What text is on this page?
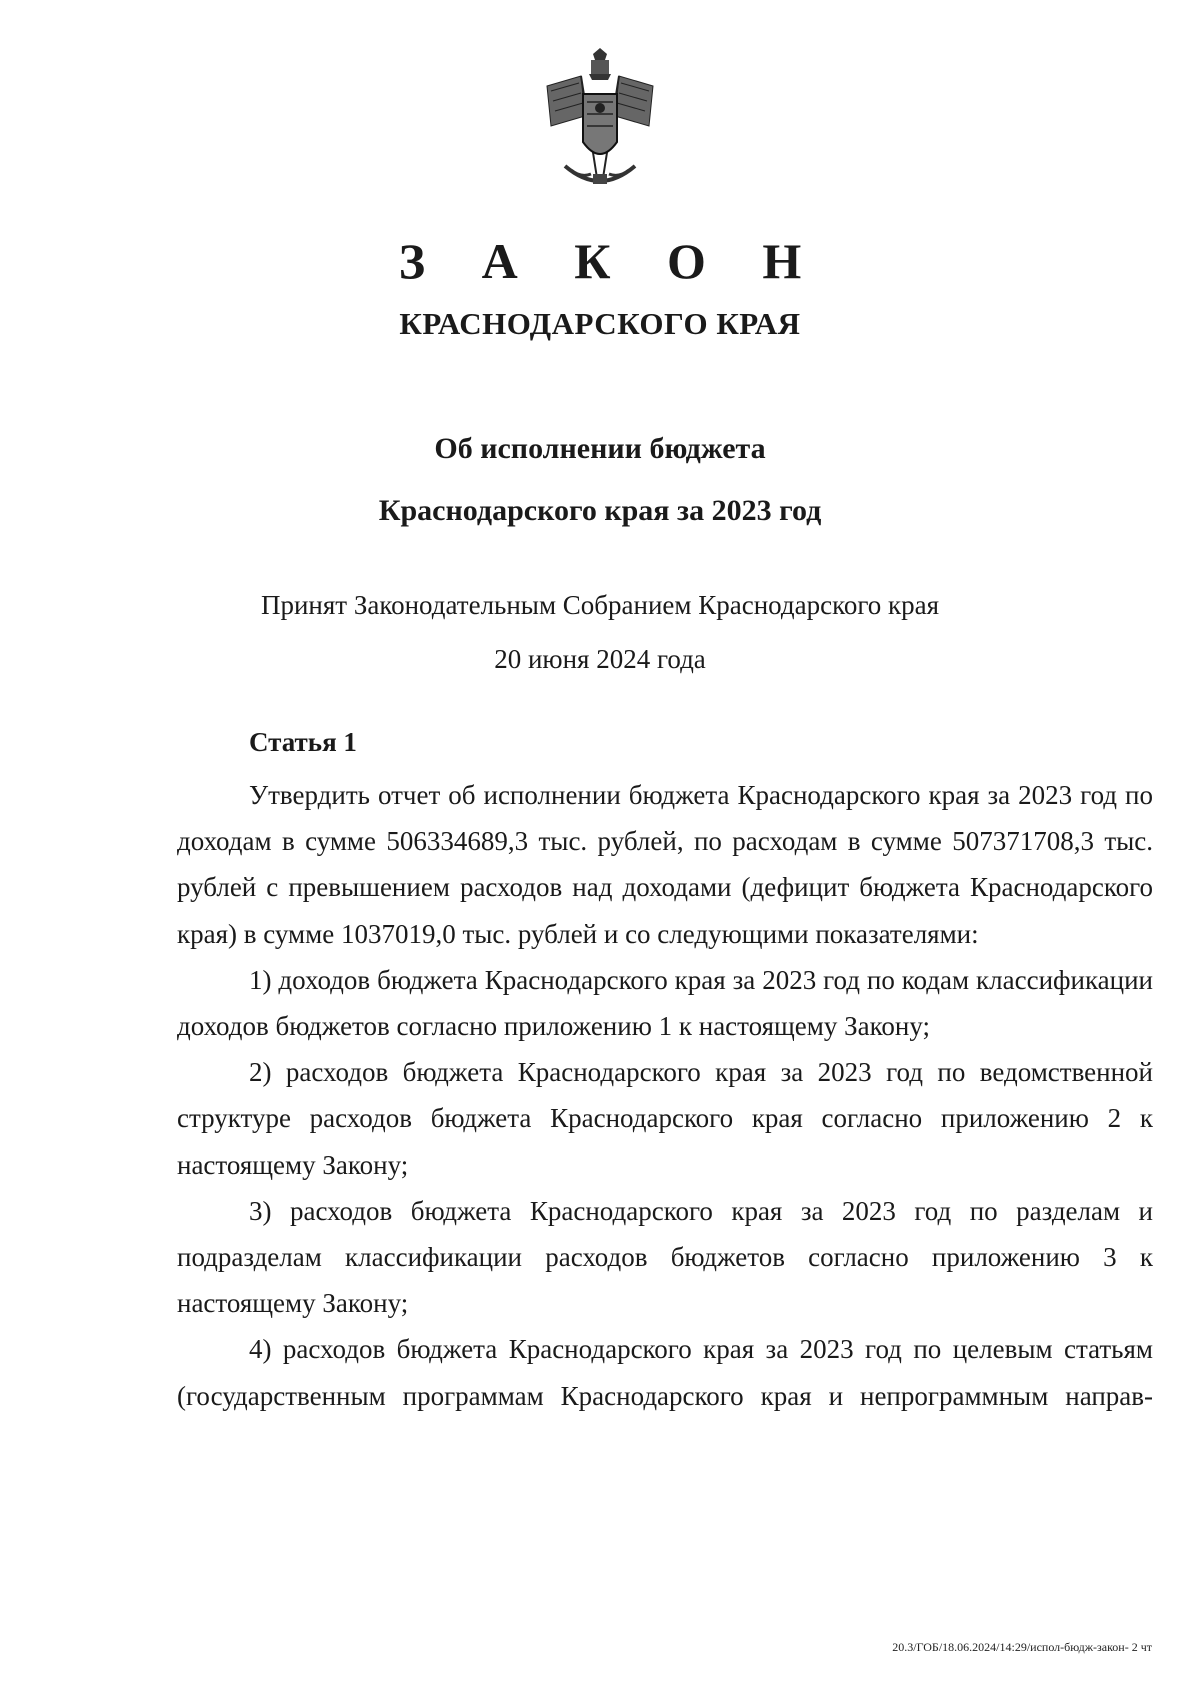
З А К О Н
КРАСНОДАРСКОГО КРАЯ
Об исполнении бюджета
Краснодарского края за 2023 год
Принят Законодательным Собранием Краснодарского края
20 июня 2024 года
Статья 1

Утвердить отчет об исполнении бюджета Краснодарского края за 2023 год по доходам в сумме 506334689,3 тыс. рублей, по расходам в сумме 507371708,3 тыс. рублей с превышением расходов над доходами (дефицит бюджета Краснодарского края) в сумме 1037019,0 тыс. рублей и со следующими показателями:

1) доходов бюджета Краснодарского края за 2023 год по кодам классификации доходов бюджетов согласно приложению 1 к настоящему Закону;

2) расходов бюджета Краснодарского края за 2023 год по ведомственной структуре расходов бюджета Краснодарского края согласно приложению 2 к настоящему Закону;

3) расходов бюджета Краснодарского края за 2023 год по разделам и подразделам классификации расходов бюджетов согласно приложению 3 к настоящему Закону;

4) расходов бюджета Краснодарского края за 2023 год по целевым статьям (государственным программам Краснодарского края и непрограммным направ-

20.3/ГОБ/18.06.2024/14:29/испол-бюдж-закон- 2 чт
